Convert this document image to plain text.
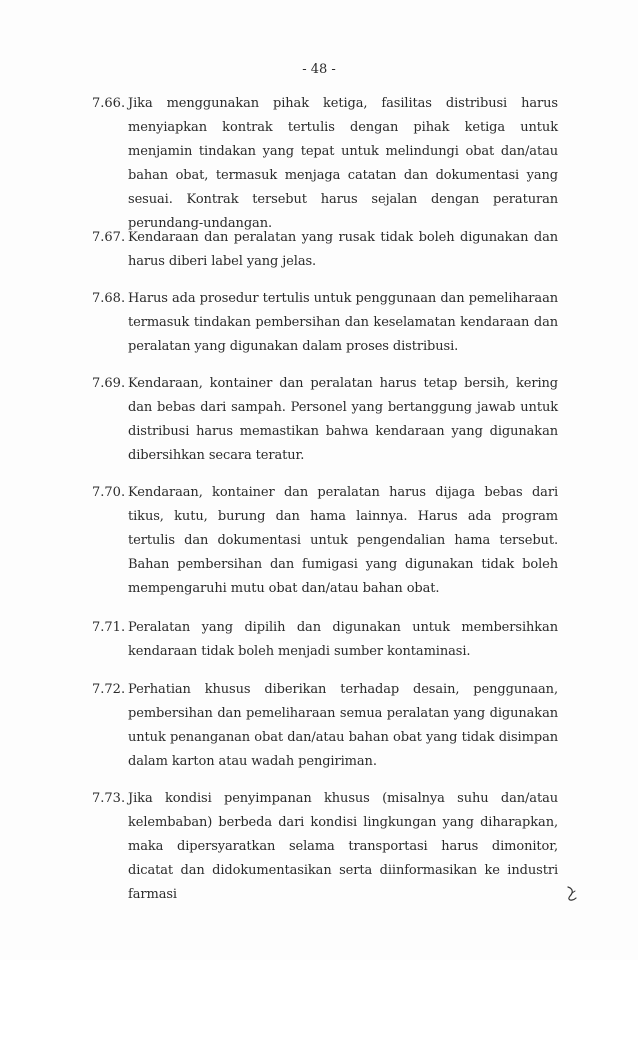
- 48 -
7.66. Jika menggunakan pihak ketiga, fasilitas distribusi harus menyiapkan kontrak tertulis dengan pihak ketiga untuk menjamin tindakan yang tepat untuk melindungi obat dan/atau bahan obat, termasuk menjaga catatan dan dokumentasi yang sesuai. Kontrak tersebut harus sejalan dengan peraturan perundang-undangan.
7.67. Kendaraan dan peralatan yang rusak tidak boleh digunakan dan harus diberi label yang jelas.
7.68. Harus ada prosedur tertulis untuk penggunaan dan pemeliharaan termasuk tindakan pembersihan dan keselamatan kendaraan dan peralatan yang digunakan dalam proses distribusi.
7.69. Kendaraan, kontainer dan peralatan harus tetap bersih, kering dan bebas dari sampah. Personel yang bertanggung jawab untuk distribusi harus memastikan bahwa kendaraan yang digunakan dibersihkan secara teratur.
7.70. Kendaraan, kontainer dan peralatan harus dijaga bebas dari tikus, kutu, burung dan hama lainnya. Harus ada program tertulis dan dokumentasi untuk pengendalian hama tersebut. Bahan pembersihan dan fumigasi yang digunakan tidak boleh mempengaruhi mutu obat dan/atau bahan obat.
7.71. Peralatan yang dipilih dan digunakan untuk membersihkan kendaraan tidak boleh menjadi sumber kontaminasi.
7.72. Perhatian khusus diberikan terhadap desain, penggunaan, pembersihan dan pemeliharaan semua peralatan yang digunakan untuk penanganan obat dan/atau bahan obat yang tidak disimpan dalam karton atau wadah pengiriman.
7.73. Jika kondisi penyimpanan khusus (misalnya suhu dan/atau kelembaban) berbeda dari kondisi lingkungan yang diharapkan, maka dipersyaratkan selama transportasi harus dimonitor, dicatat dan didokumentasikan serta diinformasikan ke industri farmasi
